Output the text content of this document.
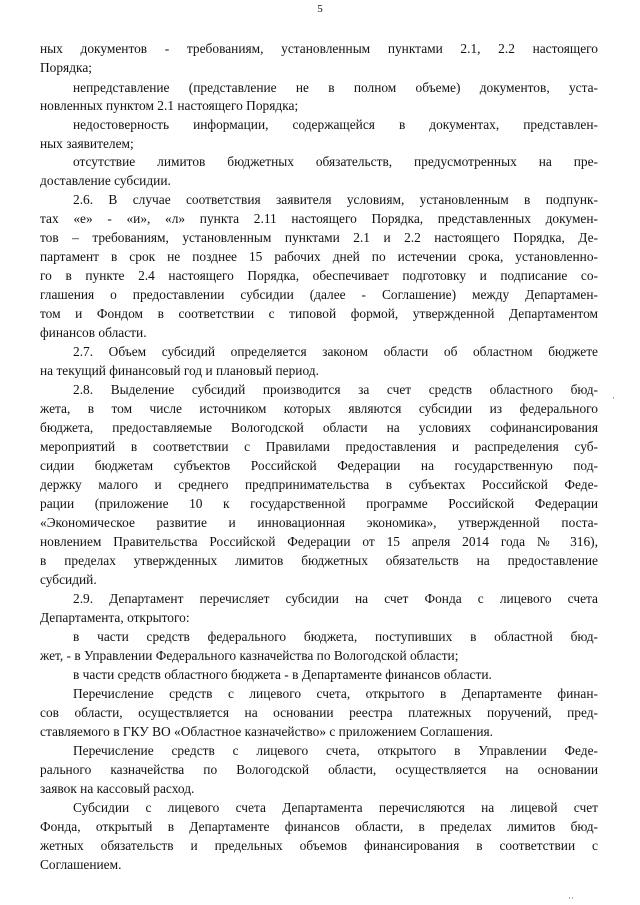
5
ных документов - требованиям, установленным пунктами 2.1, 2.2 настоящего
Порядка;
непредставление (представление не в полном объеме) документов, уста-
новленных пунктом 2.1 настоящего Порядка;
недостоверность информации, содержащейся в документах, представлен-
ных заявителем;
отсутствие лимитов бюджетных обязательств, предусмотренных на пре-
доставление субсидии.
2.6. В случае соответствия заявителя условиям, установленным в подпунк-
тах «е» - «и», «л» пункта 2.11 настоящего Порядка, представленных докумен-
тов – требованиям, установленным пунктами 2.1 и 2.2 настоящего Порядка, Де-
партамент в срок не позднее 15 рабочих дней по истечении срока, установленно-
го в пункте 2.4 настоящего Порядка, обеспечивает подготовку и подписание со-
глашения о предоставлении субсидии (далее - Соглашение) между Департамен-
том и Фондом в соответствии с типовой формой, утвержденной Департаментом
финансов области.
2.7. Объем субсидий определяется законом области об областном бюджете
на текущий финансовый год и плановый период.
2.8. Выделение субсидий производится за счет средств областного бюд-
жета, в том числе источником которых являются субсидии из федерального
бюджета, предоставляемые Вологодской области на условиях софинансирования
мероприятий в соответствии с Правилами предоставления и распределения суб-
сидии бюджетам субъектов Российской Федерации на государственную под-
держку малого и среднего предпринимательства в субъектах Российской Феде-
рации (приложение 10 к государственной программе Российской Федерации
«Экономическое развитие и инновационная экономика», утвержденной поста-
новлением Правительства Российской Федерации от 15 апреля 2014 года № 316),
в пределах утвержденных лимитов бюджетных обязательств на предоставление
субсидий.
2.9. Департамент перечисляет субсидии на счет Фонда с лицевого счета
Департамента, открытого:
в части средств федерального бюджета, поступивших в областной бюд-
жет, - в Управлении Федерального казначейства по Вологодской области;
в части средств областного бюджета - в Департаменте финансов области.
Перечисление средств с лицевого счета, открытого в Департаменте финан-
сов области, осуществляется на основании реестра платежных поручений, пред-
ставляемого в ГКУ ВО «Областное казначейство» с приложением Соглашения.
Перечисление средств с лицевого счета, открытого в Управлении Феде-
рального казначейства по Вологодской области, осуществляется на основании
заявок на кассовый расход.
Субсидии с лицевого счета Департамента перечисляются на лицевой счет
Фонда, открытый в Департаменте финансов области, в пределах лимитов бюд-
жетных обязательств и предельных объемов финансирования в соответствии с
Соглашением.
·
··
